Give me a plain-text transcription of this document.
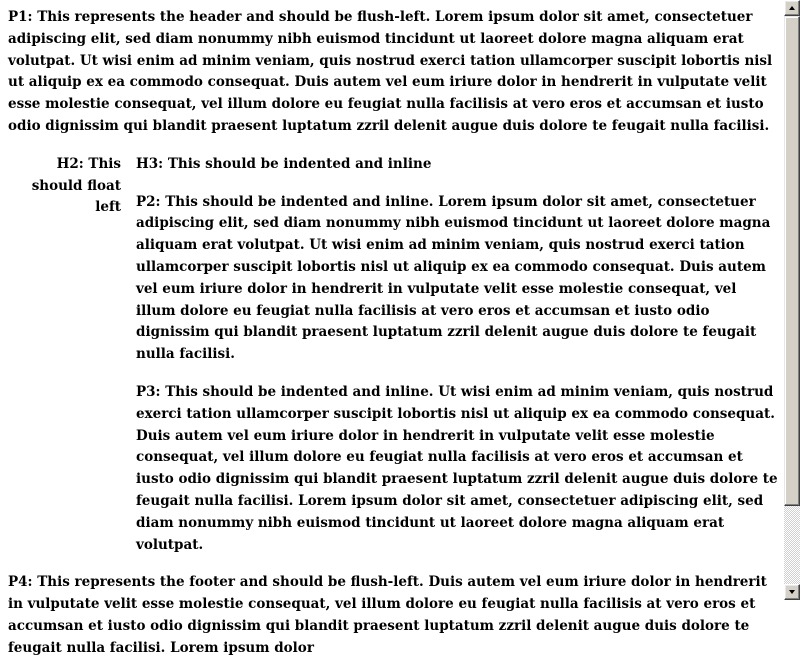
P1: This represents the header and should be flush-left. Lorem ipsum dolor sit amet, consectetuer adipiscing elit, sed diam nonummy nibh euismod tincidunt ut laoreet dolore magna aliquam erat volutpat. Ut wisi enim ad minim veniam, quis nostrud exerci tation ullamcorper suscipit lobortis nisl ut aliquip ex ea commodo consequat. Duis autem vel eum iriure dolor in hendrerit in vulputate velit esse molestie consequat, vel illum dolore eu feugiat nulla facilisis at vero eros et accumsan et iusto odio dignissim qui blandit praesent luptatum zzril delenit augue duis dolore te feugait nulla facilisi.

H2: This should float left
H3: This should be indented and inline

P2: This should be indented and inline. Lorem ipsum dolor sit amet, consectetuer adipiscing elit, sed diam nonummy nibh euismod tincidunt ut laoreet dolore magna aliquam erat volutpat. Ut wisi enim ad minim veniam, quis nostrud exerci tation ullamcorper suscipit lobortis nisl ut aliquip ex ea commodo consequat. Duis autem vel eum iriure dolor in hendrerit in vulputate velit esse molestie consequat, vel illum dolore eu feugiat nulla facilisis at vero eros et accumsan et iusto odio dignissim qui blandit praesent luptatum zzril delenit augue duis dolore te feugait nulla facilisi.

P3: This should be indented and inline. Ut wisi enim ad minim veniam, quis nostrud exerci tation ullamcorper suscipit lobortis nisl ut aliquip ex ea commodo consequat. Duis autem vel eum iriure dolor in hendrerit in vulputate velit esse molestie consequat, vel illum dolore eu feugiat nulla facilisis at vero eros et accumsan et iusto odio dignissim qui blandit praesent luptatum zzril delenit augue duis dolore te feugait nulla facilisi. Lorem ipsum dolor sit amet, consectetuer adipiscing elit, sed diam nonummy nibh euismod tincidunt ut laoreet dolore magna aliquam erat volutpat.

P4: This represents the footer and should be flush-left. Duis autem vel eum iriure dolor in hendrerit in vulputate velit esse molestie consequat, vel illum dolore eu feugiat nulla facilisis at vero eros et accumsan et iusto odio dignissim qui blandit praesent luptatum zzril delenit augue duis dolore te feugait nulla facilisi. Lorem ipsum dolor
